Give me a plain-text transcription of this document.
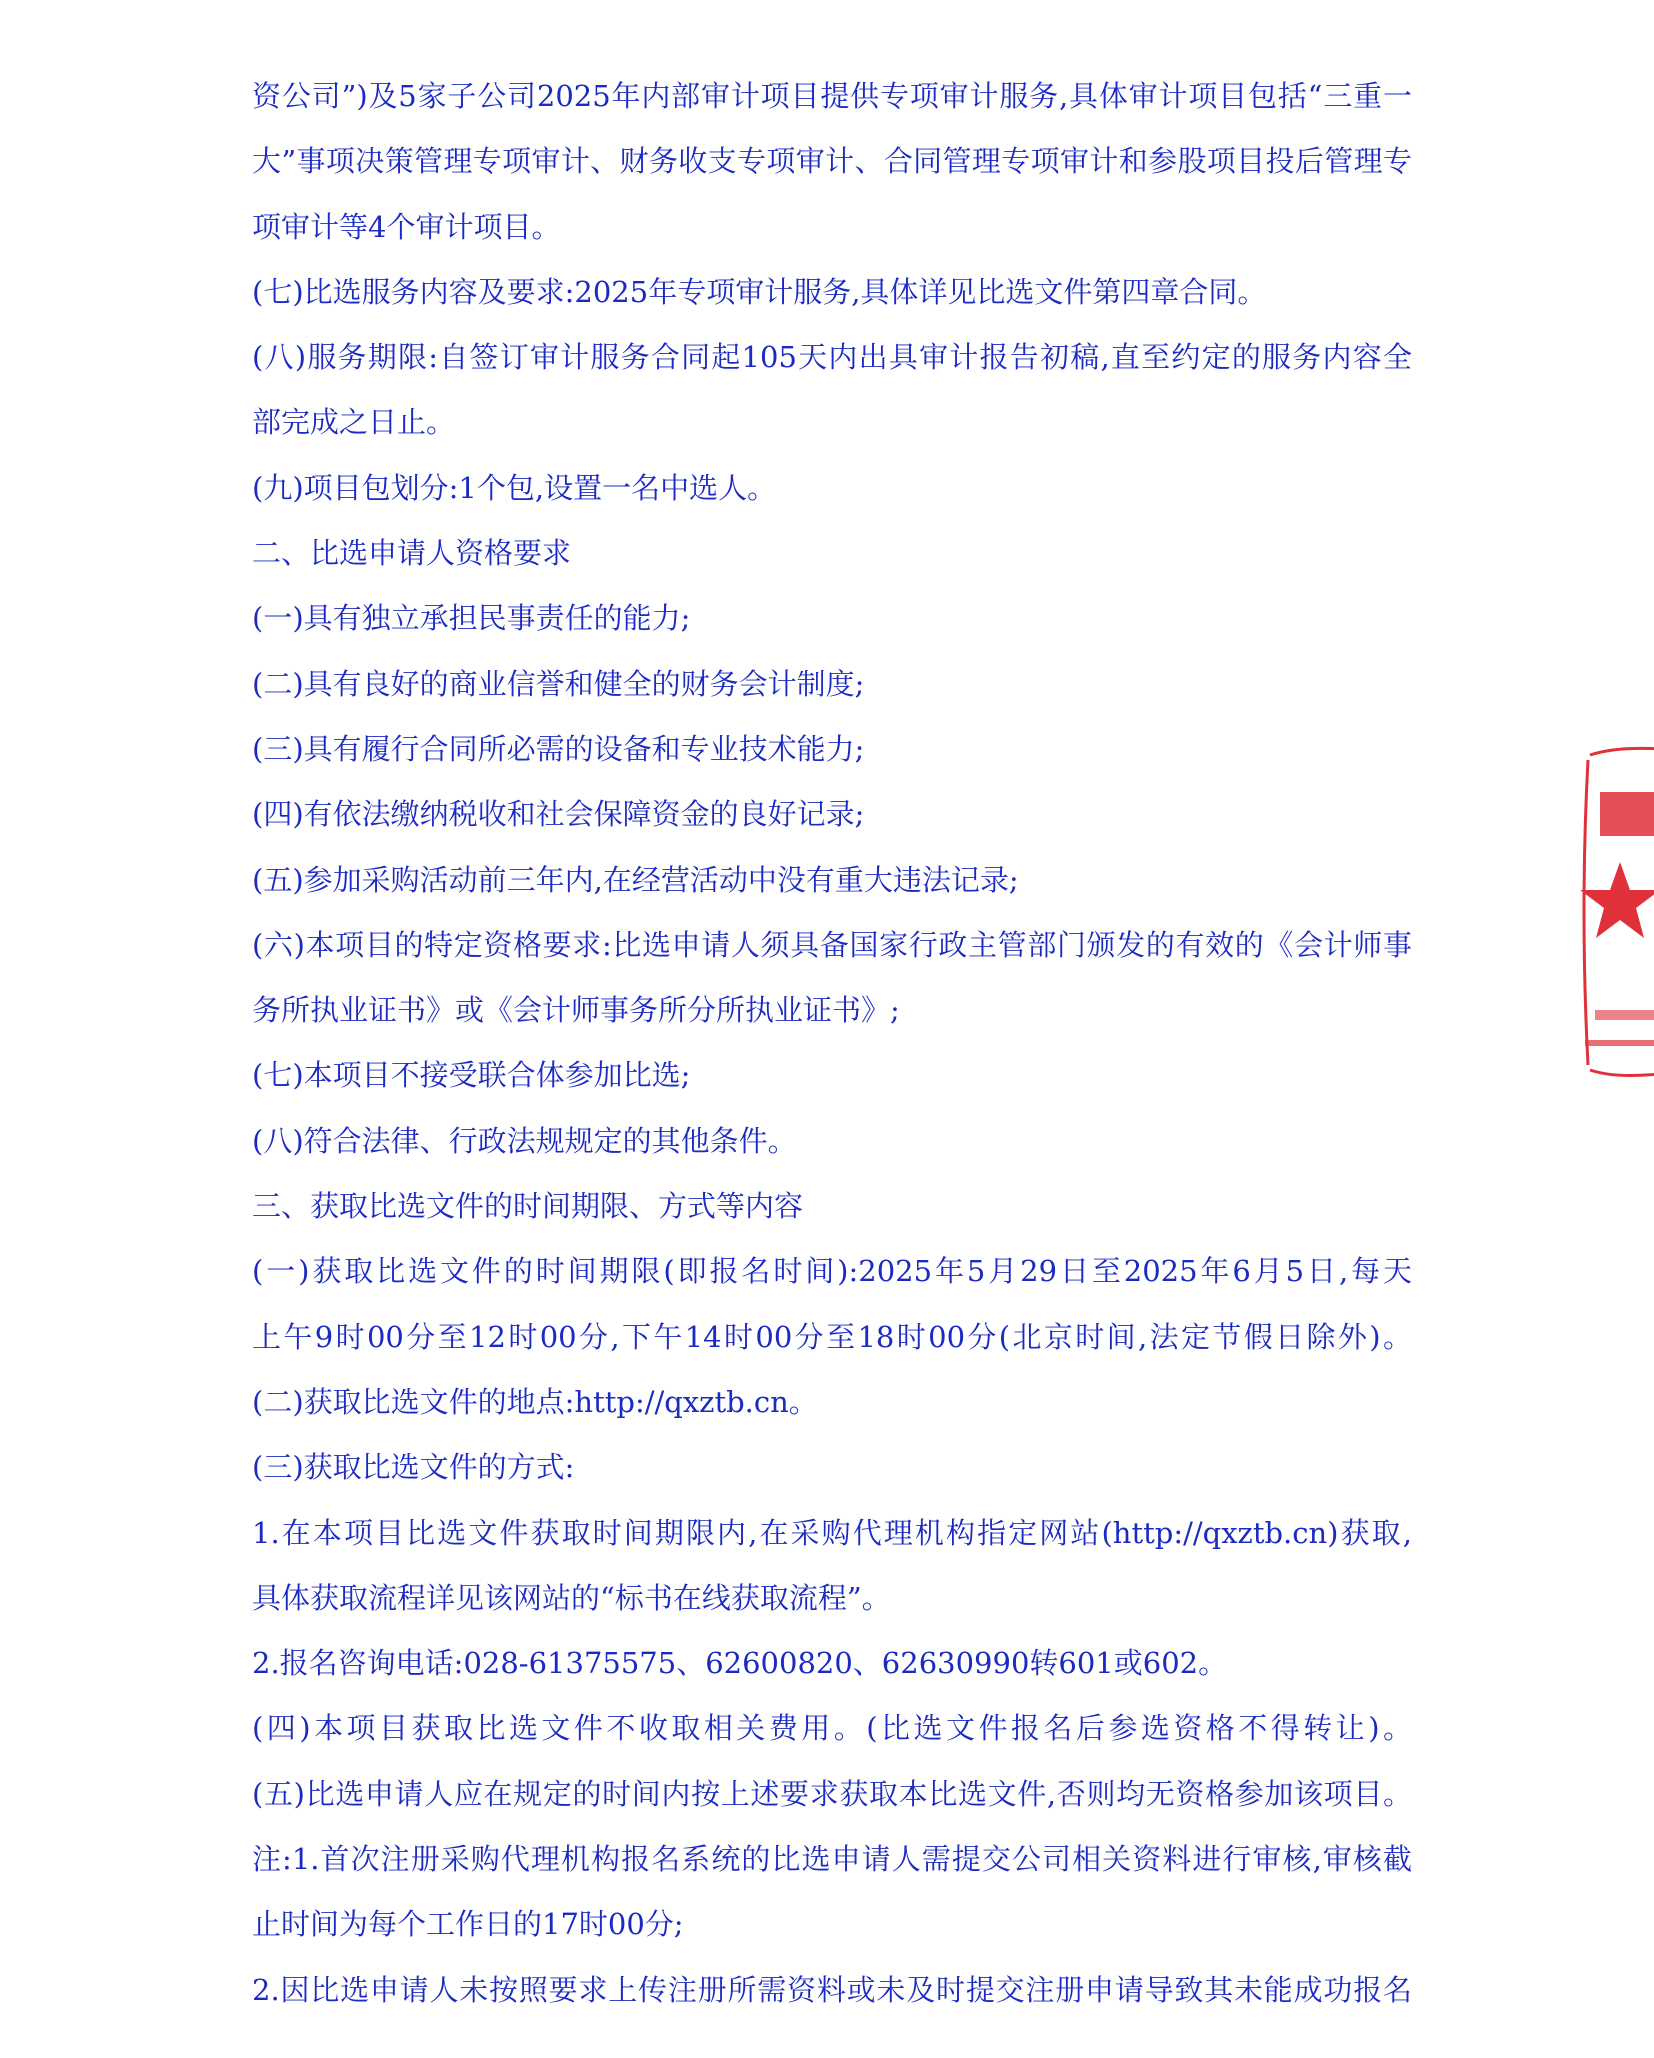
资公司”)及5家子公司2025年内部审计项目提供专项审计服务,具体审计项目包括“三重一
大”事项决策管理专项审计、财务收支专项审计、合同管理专项审计和参股项目投后管理专
项审计等4个审计项目。
(七)比选服务内容及要求:2025年专项审计服务,具体详见比选文件第四章合同。
(八)服务期限:自签订审计服务合同起105天内出具审计报告初稿,直至约定的服务内容全
部完成之日止。
(九)项目包划分:1个包,设置一名中选人。
二、比选申请人资格要求
(一)具有独立承担民事责任的能力;
(二)具有良好的商业信誉和健全的财务会计制度;
(三)具有履行合同所必需的设备和专业技术能力;
(四)有依法缴纳税收和社会保障资金的良好记录;
(五)参加采购活动前三年内,在经营活动中没有重大违法记录;
(六)本项目的特定资格要求:比选申请人须具备国家行政主管部门颁发的有效的《会计师事
务所执业证书》或《会计师事务所分所执业证书》;
(七)本项目不接受联合体参加比选;
(八)符合法律、行政法规规定的其他条件。
三、获取比选文件的时间期限、方式等内容
(一)获取比选文件的时间期限(即报名时间):2025年5月29日至2025年6月5日,每天
上午9时00分至12时00分,下午14时00分至18时00分(北京时间,法定节假日除外)。
(二)获取比选文件的地点:http://qxztb.cn。
(三)获取比选文件的方式:
1.在本项目比选文件获取时间期限内,在采购代理机构指定网站(http://qxztb.cn)获取,
具体获取流程详见该网站的“标书在线获取流程”。
2.报名咨询电话:028-61375575、62600820、62630990转601或602。
(四)本项目获取比选文件不收取相关费用。(比选文件报名后参选资格不得转让)。
(五)比选申请人应在规定的时间内按上述要求获取本比选文件,否则均无资格参加该项目。
注:1.首次注册采购代理机构报名系统的比选申请人需提交公司相关资料进行审核,审核截
止时间为每个工作日的17时00分;
2.因比选申请人未按照要求上传注册所需资料或未及时提交注册申请导致其未能成功报名
